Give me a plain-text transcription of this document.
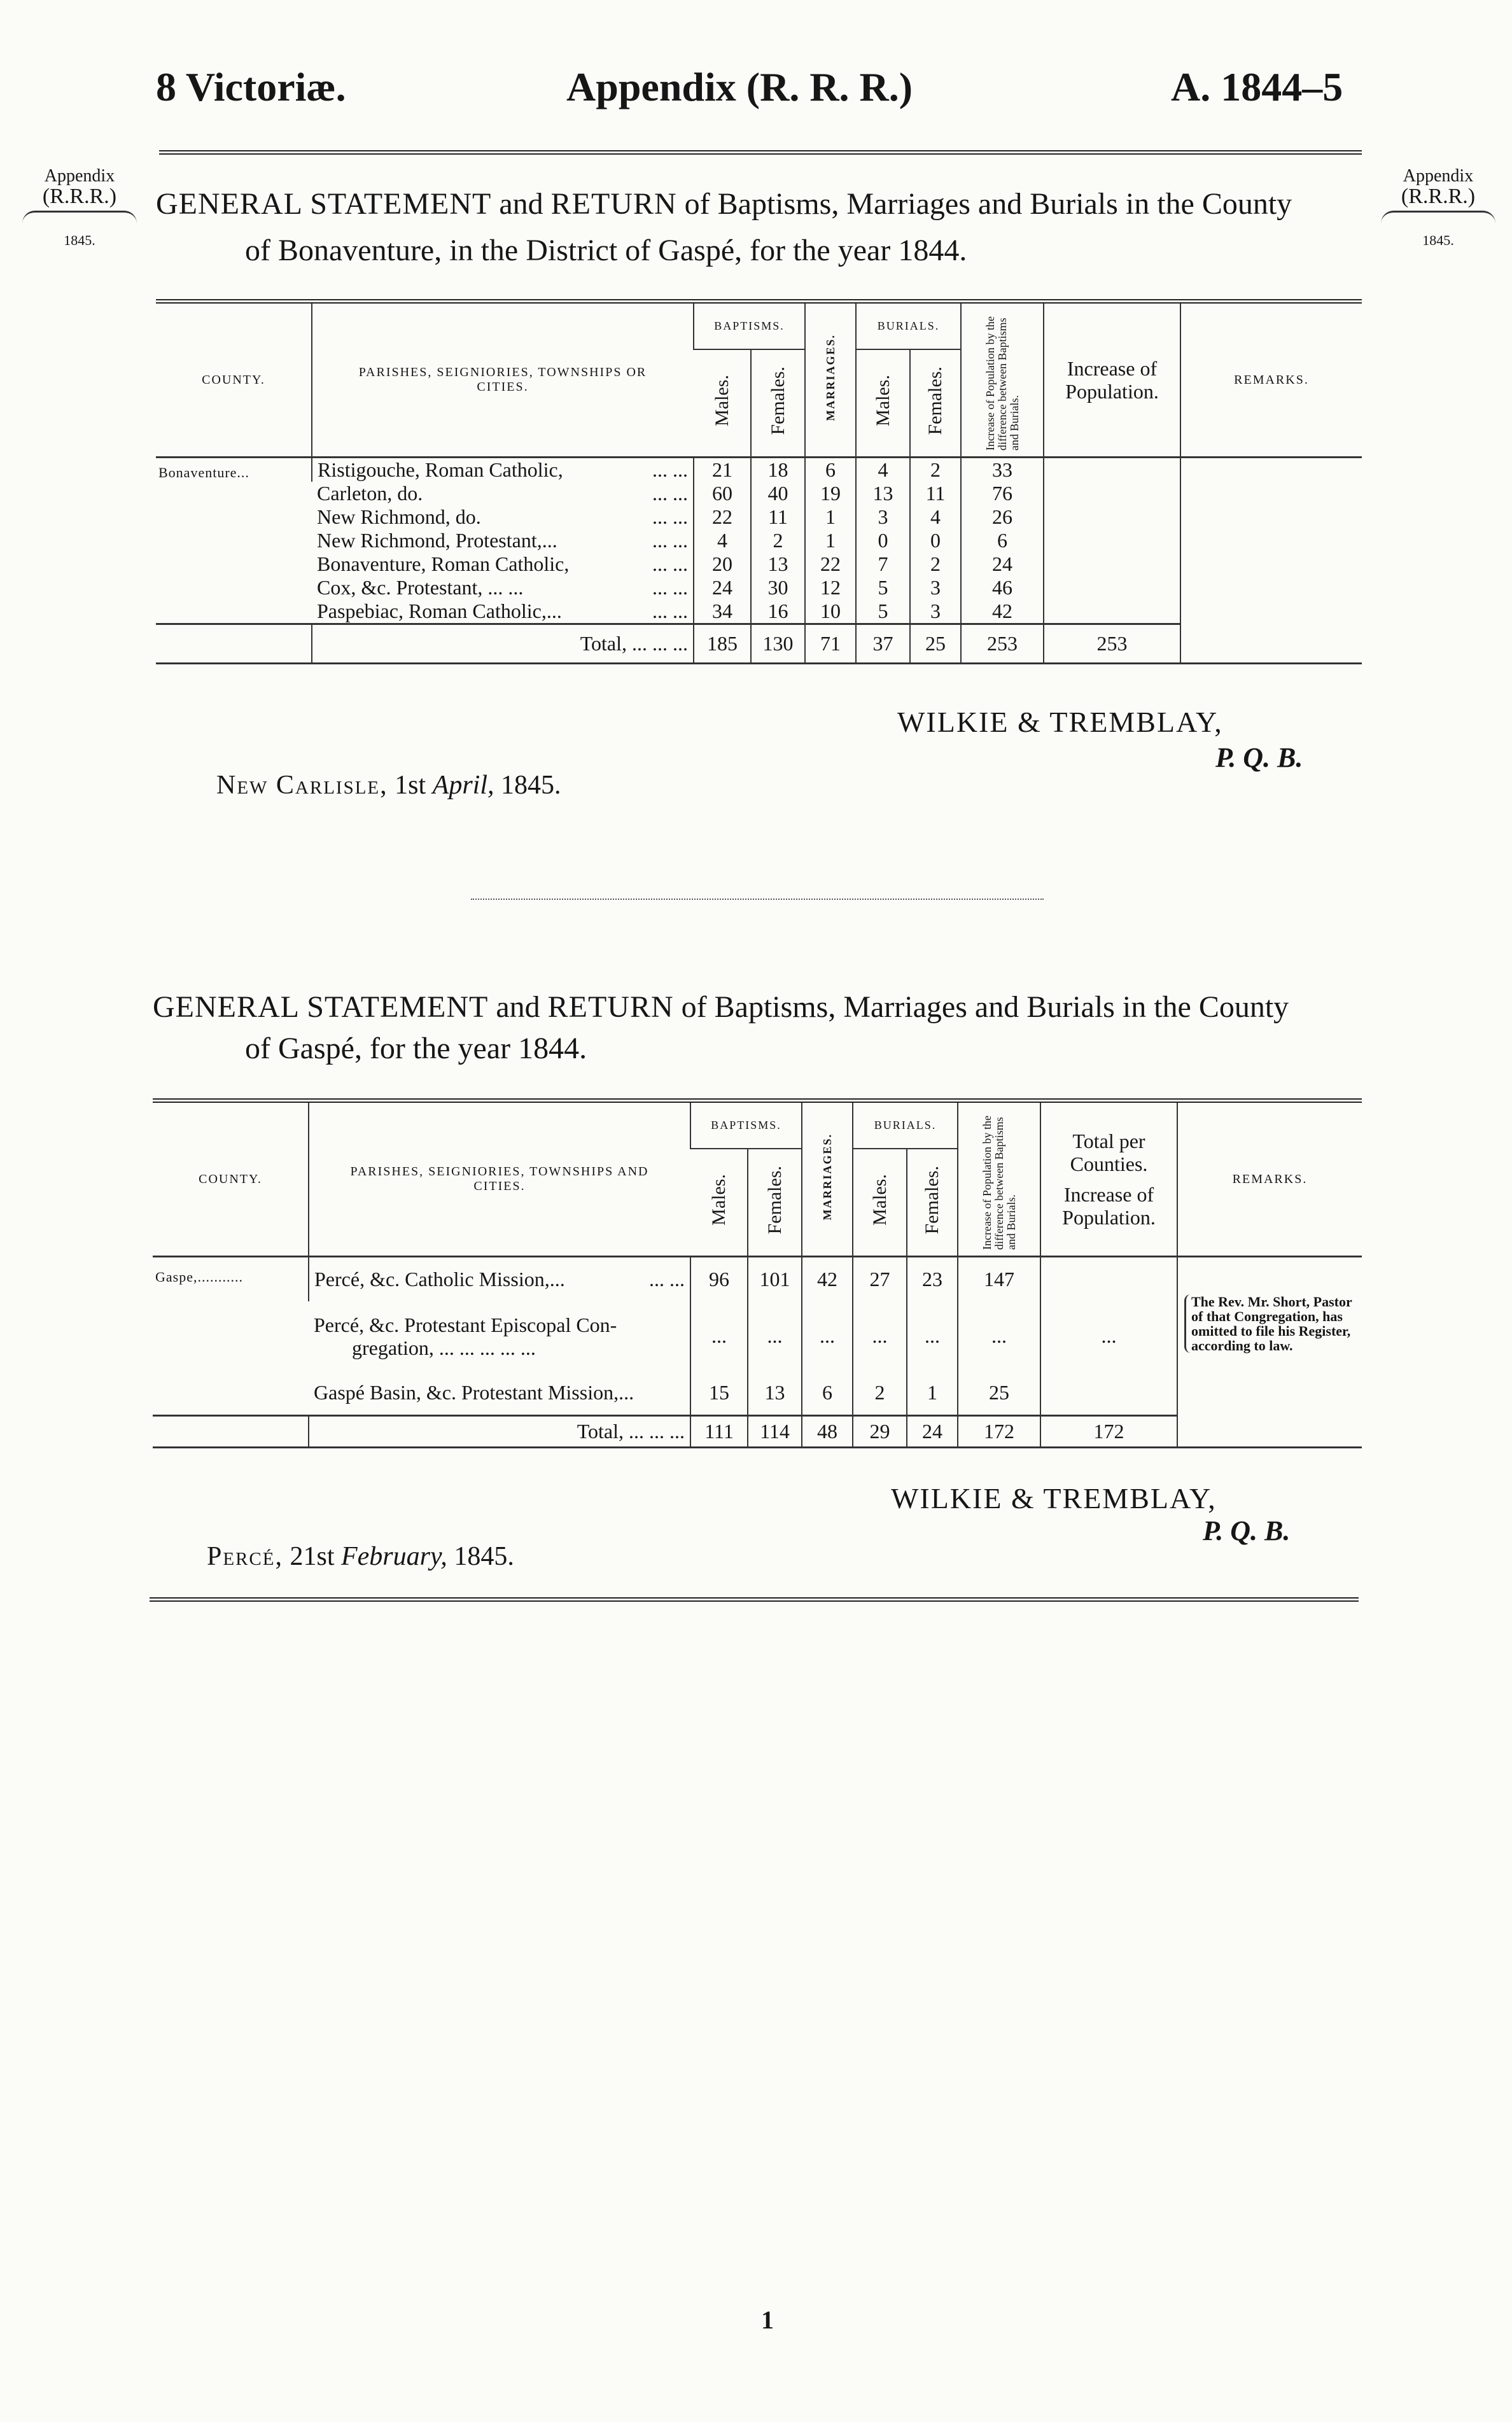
8 Victoriæ.	Appendix (R. R. R.)	A. 1844–5
Appendix
(R.R.R.)
1845.
Appendix
(R.R.R.)
1845.
GENERAL STATEMENT and RETURN of Baptisms, Marriages and Burials in the County
of Bonaventure, in the District of Gaspé, for the year 1844.
COUNTY.	PARISHES, SEIGNIORIES, TOWNSHIPS OR CITIES.	BAPTISMS.		MARRIAGES.	BURIALS.		Increase of Population by the difference between Baptisms and Burials.	Increase of Population.	REMARKS.
		Males.	Females.		Males.	Females.			
Bonaventure...	Ristigouche, Roman Catholic, ... ...	21	18	6	4	2	33		
	Carleton, do. ... ...	60	40	19	13	11	76		
	New Richmond, do. ... ...	22	11	1	3	4	26		
	New Richmond, Protestant,... ... ...	4	2	1	0	0	6		
	Bonaventure, Roman Catholic, ... ...	20	13	22	7	2	24		
	Cox, &c. Protestant, ... ... ... ...	24	30	12	5	3	46		
	Paspebiac, Roman Catholic,... ... ...	34	16	10	5	3	42		
	Total, ... ... ...	185	130	71	37	25	253	253	
WILKIE & TREMBLAY,
P. Q. B.
New Carlisle, 1st April, 1845.
GENERAL STATEMENT and RETURN of Baptisms, Marriages and Burials in the County
of Gaspé, for the year 1844.
COUNTY.	PARISHES, SEIGNIORIES, TOWNSHIPS AND CITIES.	BAPTISMS.		MARRIAGES.	BURIALS.		Increase of Population by the difference between Baptisms and Burials.	Total per Counties.
Increase of Population.	REMARKS.
		Males.	Females.		Males.	Females.			
Gaspe,...........	Percé, &c. Catholic Mission,... ... ...	96	101	42	27	23	147		The Rev. Mr. Short, Pastor of that Congregation, has omitted to file his Register, according to law.

	Percé, &c. Protestant Episcopal Con-
gregation, ... ... ... ... ...	...	...	...	...	...	...	...	
	Gaspé Basin, &c. Protestant Mission,...	15	13	6	2	1	25		
	Total, ... ... ...	111	114	48	29	24	172	172	
WILKIE & TREMBLAY,
P. Q. B.
Percé, 21st February, 1845.
1
